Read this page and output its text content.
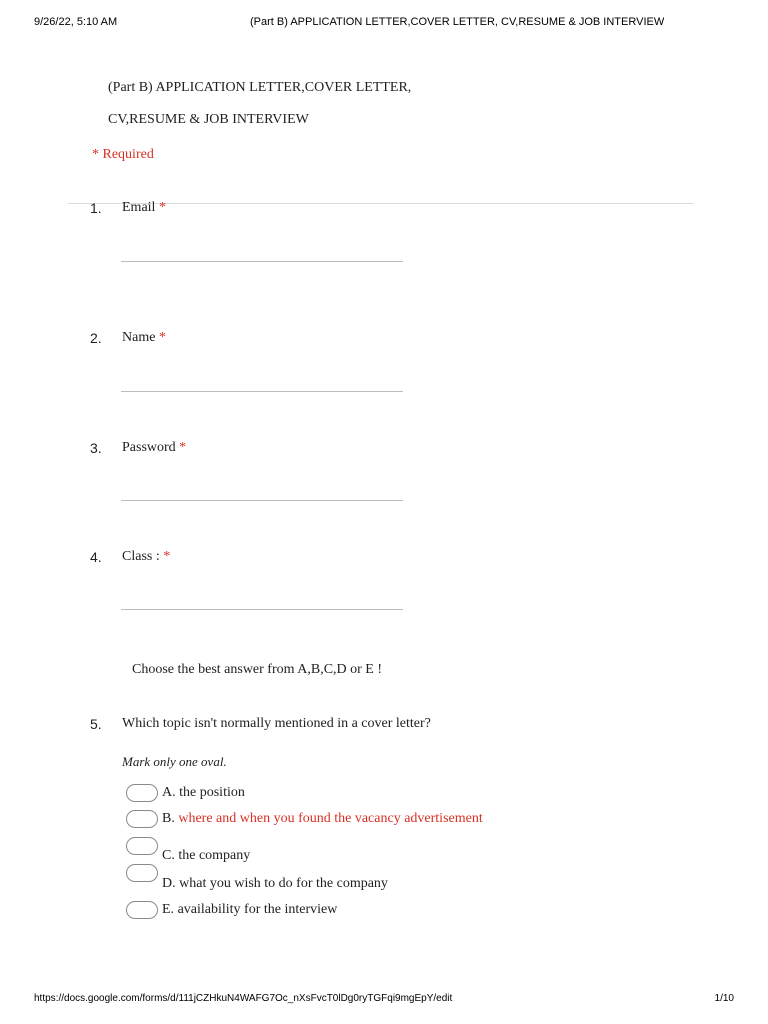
9/26/22, 5:10 AM	(Part B) APPLICATION LETTER,COVER LETTER, CV,RESUME & JOB INTERVIEW
(Part B) APPLICATION LETTER,COVER LETTER,
CV,RESUME & JOB INTERVIEW
* Required
1. Email *
2. Name *
3. Password *
4. Class : *
Choose the best answer from A,B,C,D or E !
5. Which topic isn't normally mentioned in a cover letter?
Mark only one oval.
A. the position
B. where and when you found the vacancy advertisement
C. the company
D. what you wish to do for the company
E. availability for the interview
https://docs.google.com/forms/d/111jCZHkuN4WAFG7Oc_nXsFvcT0lDg0ryTGFqi9mgEpY/edit	1/10
